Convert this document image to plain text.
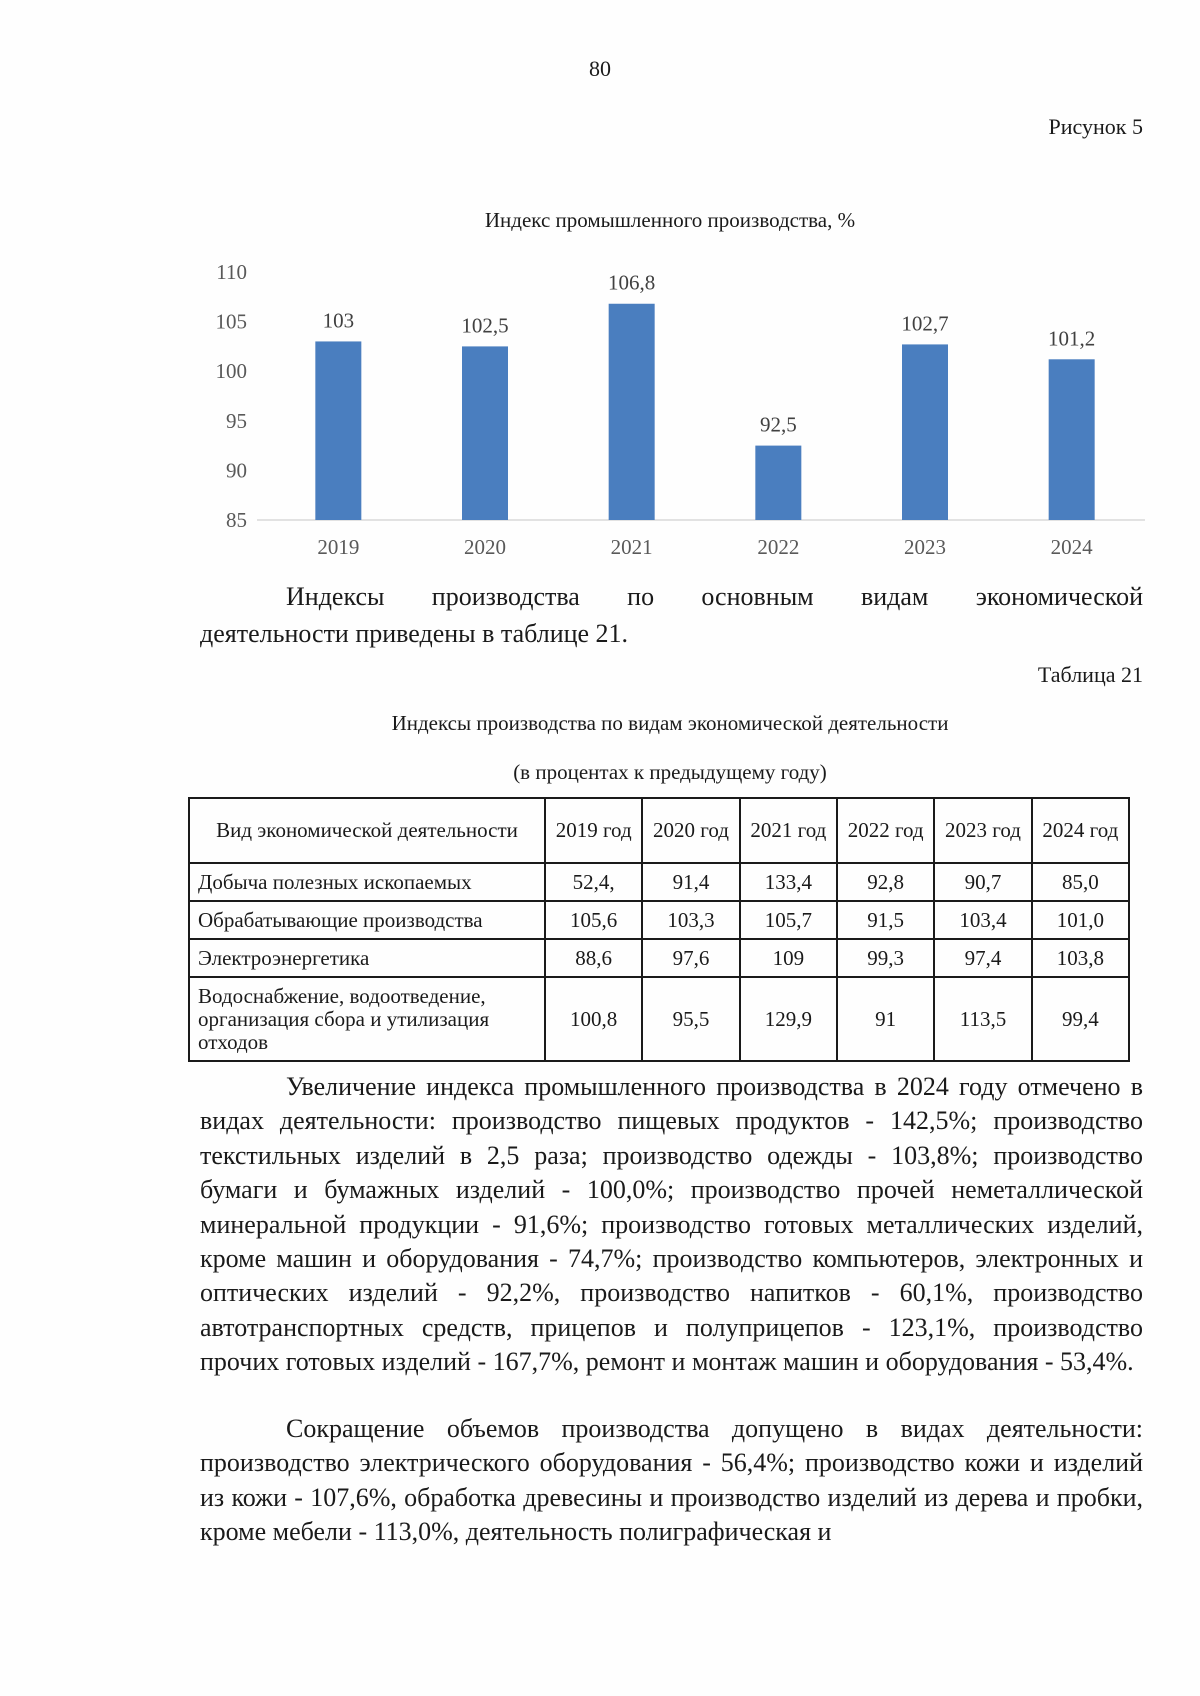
80
Рисунок 5
Индекс промышленного производства, %
85
90
95
100
105
110
103
2019
102,5
2020
106,8
2021
92,5
2022
102,7
2023
101,2
2024

Индексы производства по основным видам экономической

деятельности приведены в таблице 21.
Таблица 21
Индексы производства по видам экономической деятельности
(в процентах к предыдущему году)
Вид экономической деятельности	2019 год	2020 год	2021 год	2022 год	2023 год	2024 год
Добыча полезных ископаемых	52,4,	91,4	133,4	92,8	90,7	85,0
Обрабатывающие производства	105,6	103,3	105,7	91,5	103,4	101,0
Электроэнергетика	88,6	97,6	109	99,3	97,4	103,8
Водоснабжение, водоотведение, организация сбора и утилизация отходов	100,8	95,5	129,9	91	113,5	99,4

Увеличение индекса промышленного производства в 2024 году отмечено в видах деятельности: производство пищевых продуктов - 142,5%; производство текстильных изделий в 2,5 раза; производство одежды - 103,8%; производство бумаги и бумажных изделий - 100,0%; производство прочей неметаллической минеральной продукции - 91,6%; производство готовых металлических изделий, кроме машин и оборудования - 74,7%; производство компьютеров, электронных и оптических изделий - 92,2%, производство напитков - 60,1%, производство автотранспортных средств, прицепов и полуприцепов - 123,1%, производство прочих готовых изделий - 167,7%, ремонт и монтаж машин и оборудования - 53,4%.

Сокращение объемов производства допущено в видах деятельности: производство электрического оборудования - 56,4%; производство кожи и изделий из кожи - 107,6%, обработка древесины и производство изделий из дерева и пробки, кроме мебели - 113,0%, деятельность полиграфическая и
